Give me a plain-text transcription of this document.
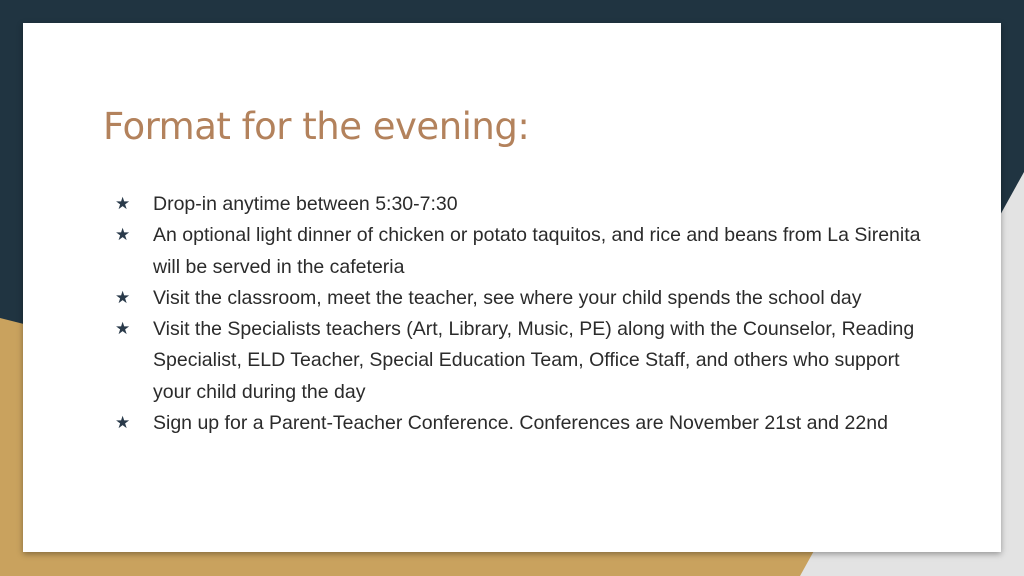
Format for the evening:
★	Drop-in anytime between 5:30-7:30
★	An optional light dinner of chicken or potato taquitos, and rice and beans from La Sirenita will be served in the cafeteria
★	Visit the classroom, meet the teacher, see where your child spends the school day
★	Visit the Specialists teachers (Art, Library, Music, PE) along with the Counselor, Reading Specialist, ELD Teacher, Special Education Team, Office Staff, and others who support your child during the day
★	Sign up for a Parent-Teacher Conference. Conferences are November 21st and 22nd
